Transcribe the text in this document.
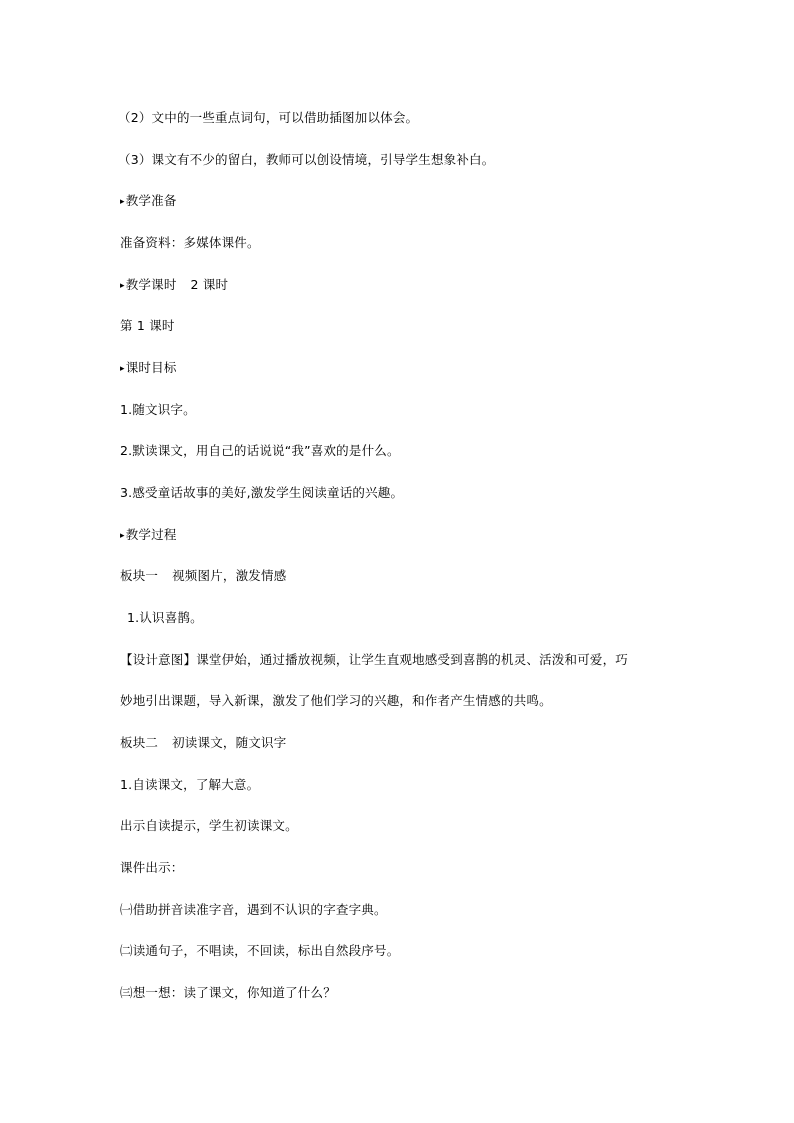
（2）文中的一些重点词句，可以借助插图加以体会。
（3）课文有不少的留白，教师可以创设情境，引导学生想象补白。
▸教学准备
准备资料：多媒体课件。
▸教学课时 2 课时
第 1 课时
▸课时目标
1.随文识字。
2.默读课文，用自己的话说说“我”喜欢的是什么。
3.感受童话故事的美好,激发学生阅读童话的兴趣。
▸教学过程
板块一 视频图片，激发情感
1.认识喜鹊。
【设计意图】课堂伊始，通过播放视频，让学生直观地感受到喜鹊的机灵、活泼和可爱，巧
妙地引出课题，导入新课，激发了他们学习的兴趣，和作者产生情感的共鸣。
板块二 初读课文，随文识字
1.自读课文，了解大意。
出示自读提示，学生初读课文。
课件出示：
㈠借助拼音读准字音，遇到不认识的字查字典。
㈡读通句子，不唱读，不回读，标出自然段序号。
㈢想一想：读了课文，你知道了什么？
